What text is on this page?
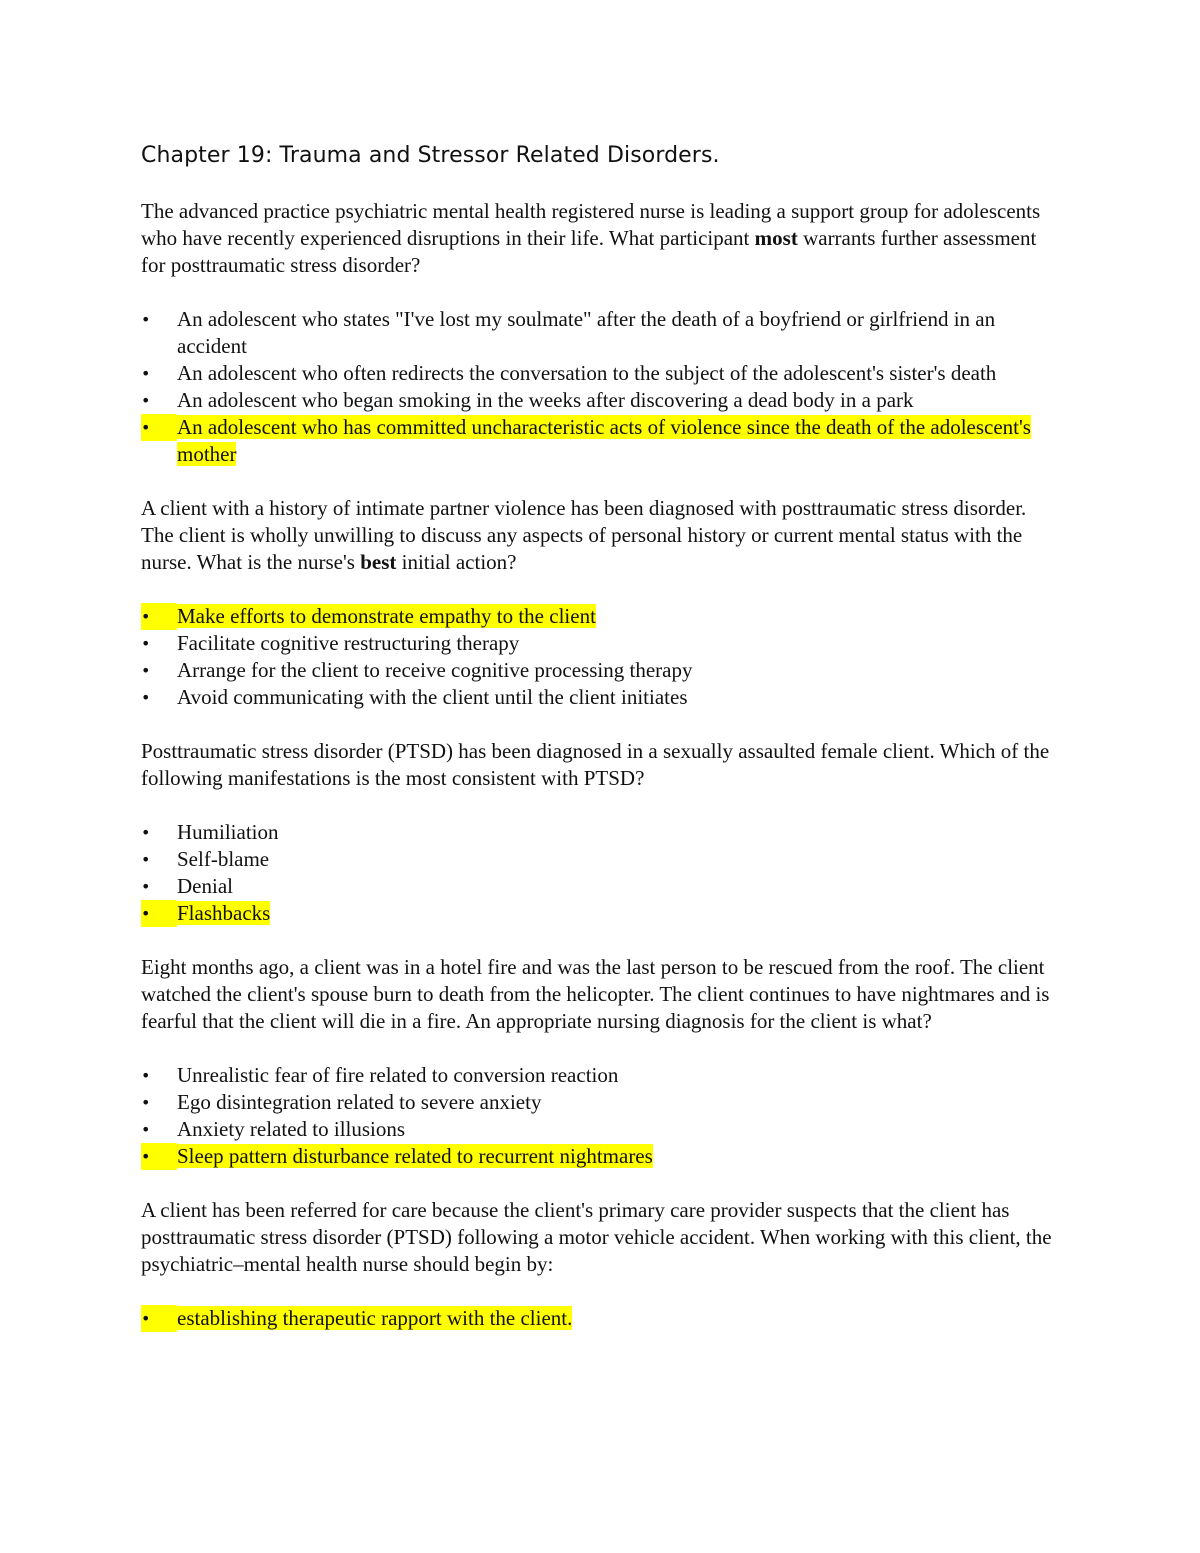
Chapter 19: Trauma and Stressor Related Disorders.

The advanced practice psychiatric mental health registered nurse is leading a support group for adolescents who have recently experienced disruptions in their life. What participant most warrants further assessment for posttraumatic stress disorder?

•	An adolescent who states "I've lost my soulmate" after the death of a boyfriend or girlfriend in an accident
•	An adolescent who often redirects the conversation to the subject of the adolescent's sister's death
•	An adolescent who began smoking in the weeks after discovering a dead body in a park
•	An adolescent who has committed uncharacteristic acts of violence since the death of the adolescent's mother

A client with a history of intimate partner violence has been diagnosed with posttraumatic stress disorder. The client is wholly unwilling to discuss any aspects of personal history or current mental status with the nurse. What is the nurse's best initial action?

•	Make efforts to demonstrate empathy to the client
•	Facilitate cognitive restructuring therapy
•	Arrange for the client to receive cognitive processing therapy
•	Avoid communicating with the client until the client initiates

Posttraumatic stress disorder (PTSD) has been diagnosed in a sexually assaulted female client. Which of the following manifestations is the most consistent with PTSD?

•	Humiliation
•	Self-blame
•	Denial
•	Flashbacks

Eight months ago, a client was in a hotel fire and was the last person to be rescued from the roof. The client watched the client's spouse burn to death from the helicopter. The client continues to have nightmares and is fearful that the client will die in a fire. An appropriate nursing diagnosis for the client is what?

•	Unrealistic fear of fire related to conversion reaction
•	Ego disintegration related to severe anxiety
•	Anxiety related to illusions
•	Sleep pattern disturbance related to recurrent nightmares

A client has been referred for care because the client's primary care provider suspects that the client has posttraumatic stress disorder (PTSD) following a motor vehicle accident. When working with this client, the psychiatric–mental health nurse should begin by:

•	establishing therapeutic rapport with the client.
